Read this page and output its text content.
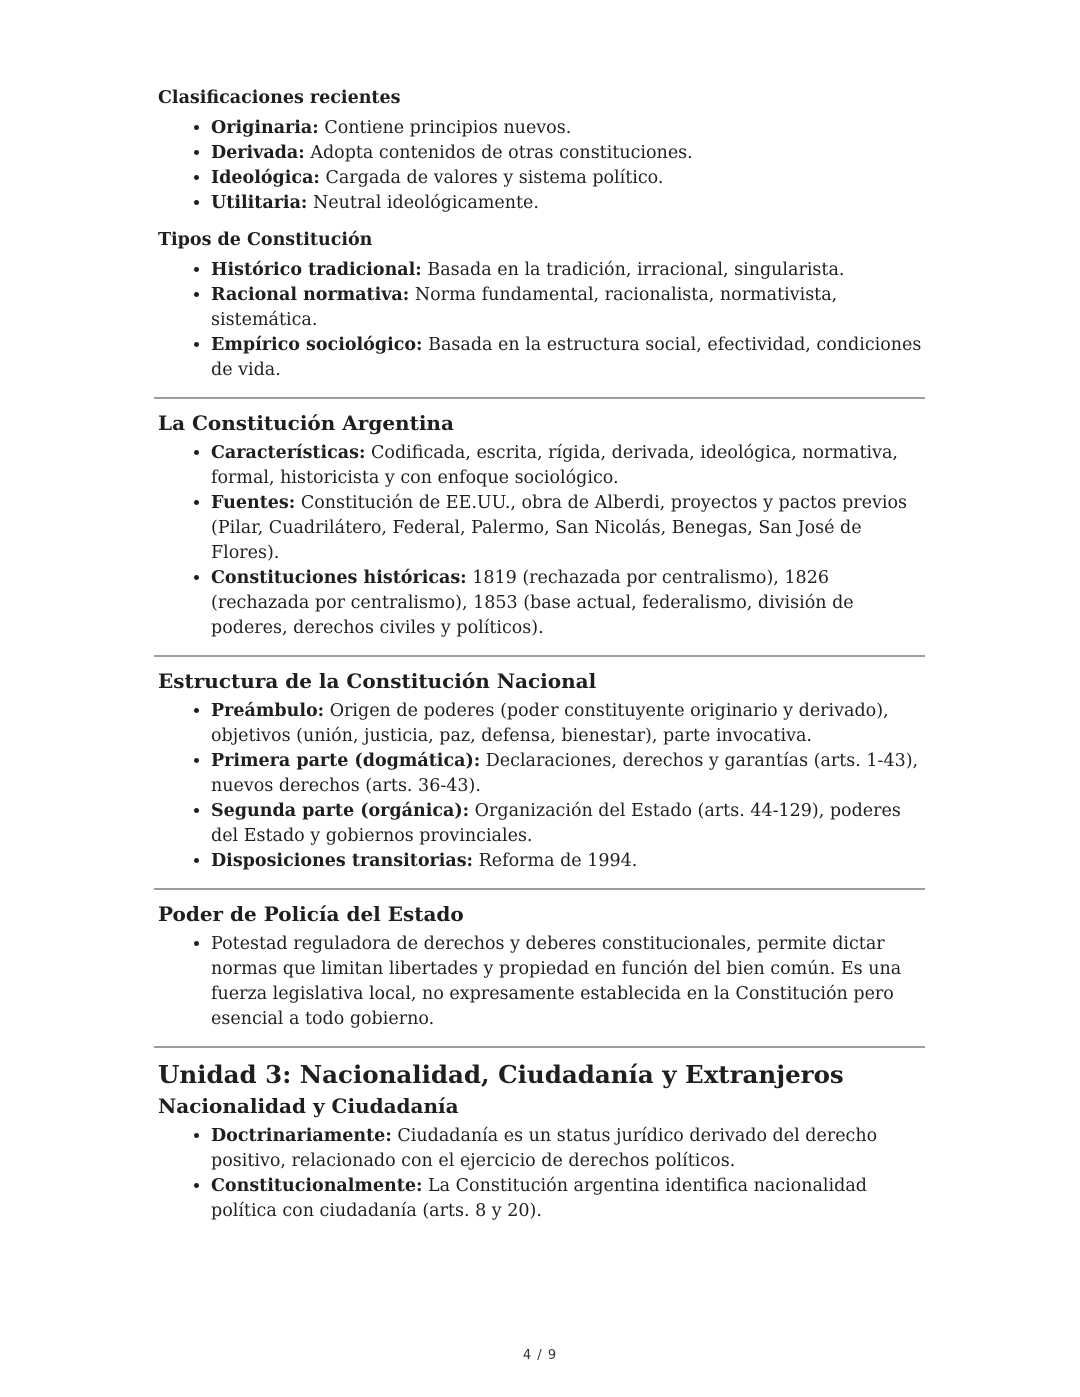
Clasificaciones recientes
• Originaria: Contiene principios nuevos.
• Derivada: Adopta contenidos de otras constituciones.
• Ideológica: Cargada de valores y sistema político.
• Utilitaria: Neutral ideológicamente.
Tipos de Constitución
• Histórico tradicional: Basada en la tradición, irracional, singularista.
• Racional normativa: Norma fundamental, racionalista, normativista, sistemática.
• Empírico sociológico: Basada en la estructura social, efectividad, condiciones de vida.
La Constitución Argentina
• Características: Codificada, escrita, rígida, derivada, ideológica, normativa, formal, historicista y con enfoque sociológico.
• Fuentes: Constitución de EE.UU., obra de Alberdi, proyectos y pactos previos (Pilar, Cuadrilátero, Federal, Palermo, San Nicolás, Benegas, San José de Flores).
• Constituciones históricas: 1819 (rechazada por centralismo), 1826 (rechazada por centralismo), 1853 (base actual, federalismo, división de poderes, derechos civiles y políticos).
Estructura de la Constitución Nacional
• Preámbulo: Origen de poderes (poder constituyente originario y derivado), objetivos (unión, justicia, paz, defensa, bienestar), parte invocativa.
• Primera parte (dogmática): Declaraciones, derechos y garantías (arts. 1-43), nuevos derechos (arts. 36-43).
• Segunda parte (orgánica): Organización del Estado (arts. 44-129), poderes del Estado y gobiernos provinciales.
• Disposiciones transitorias: Reforma de 1994.
Poder de Policía del Estado
• Potestad reguladora de derechos y deberes constitucionales, permite dictar normas que limitan libertades y propiedad en función del bien común. Es una fuerza legislativa local, no expresamente establecida en la Constitución pero esencial a todo gobierno.
Unidad 3: Nacionalidad, Ciudadanía y Extranjeros
Nacionalidad y Ciudadanía
• Doctrinariamente: Ciudadanía es un status jurídico derivado del derecho positivo, relacionado con el ejercicio de derechos políticos.
• Constitucionalmente: La Constitución argentina identifica nacionalidad política con ciudadanía (arts. 8 y 20).
4 / 9
